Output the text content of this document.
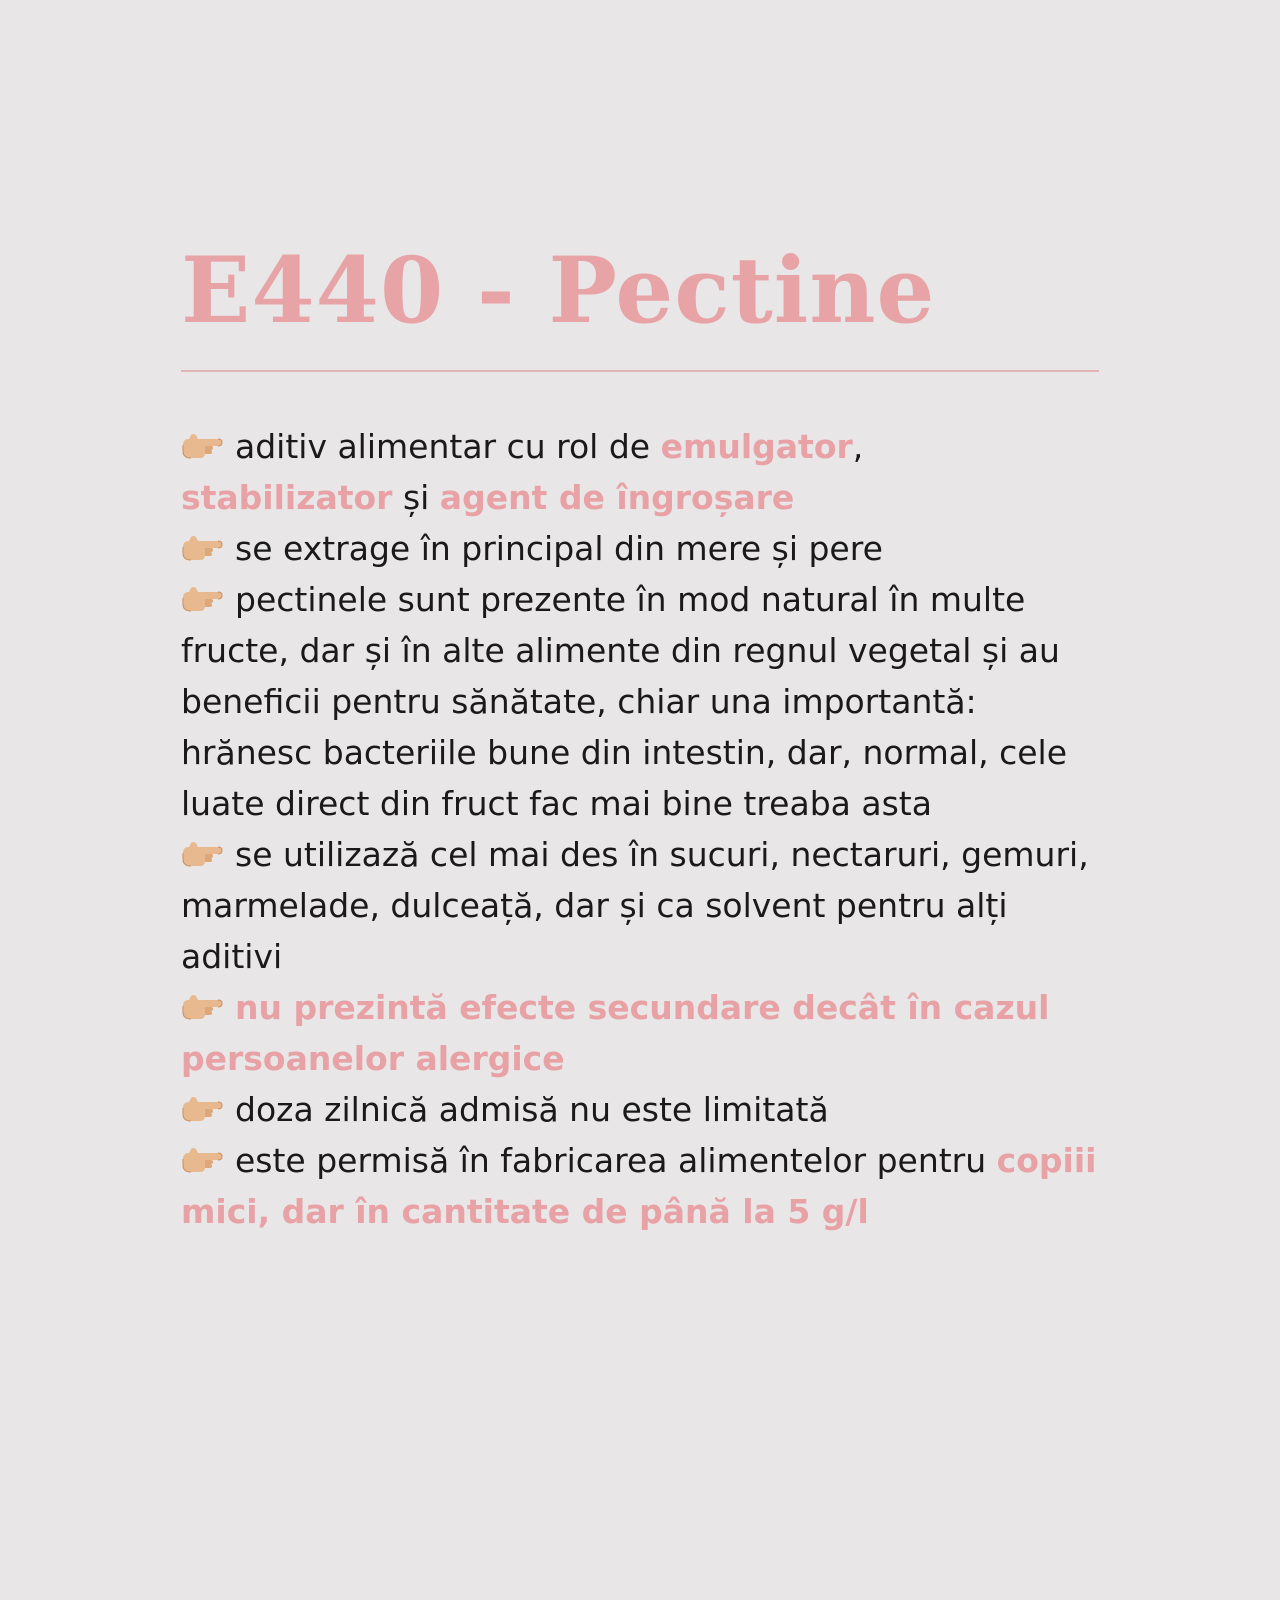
E440 - Pectine

aditiv alimentar cu rol de emulgator,
stabilizator și agent de îngroșare

se extrage în principal din mere și pere

pectinele sunt prezente în mod natural în multe fructe, dar și în alte alimente din regnul vegetal și au beneficii pentru sănătate, chiar una importantă: hrănesc bacteriile bune din intestin, dar, normal, cele luate direct din fruct fac mai bine treaba asta

se utilizază cel mai des în sucuri, nectaruri, gemuri, marmelade, dulceață, dar și ca solvent pentru alți aditivi

nu prezintă efecte secundare decât în cazul persoanelor alergice

doza zilnică admisă nu este limitată

este permisă în fabricarea alimentelor pentru copiii mici, dar în cantitate de până la 5 g/l
